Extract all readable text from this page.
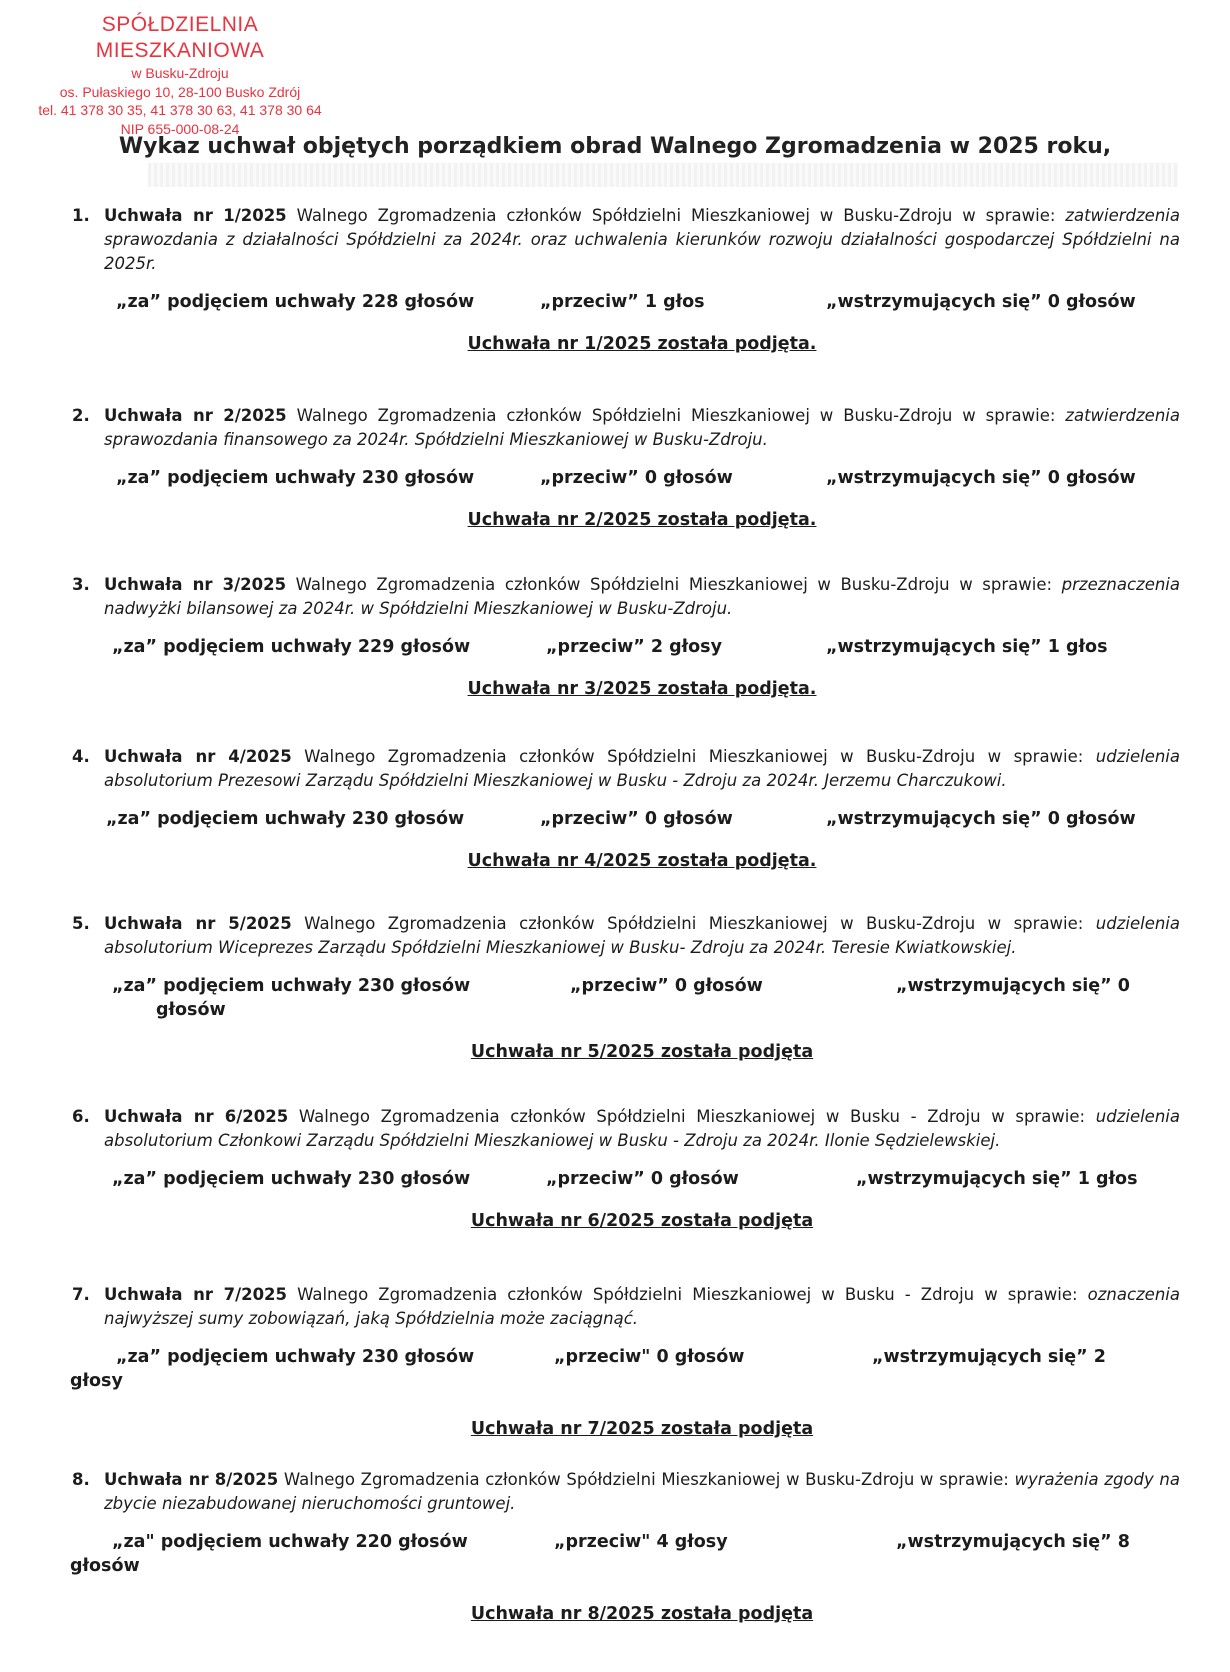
SPÓŁDZIELNIA MIESZKANIOWA
w Busku-Zdroju
os. Pułaskiego 10, 28-100 Busko Zdrój
tel. 41 378 30 35, 41 378 30 63, 41 378 30 64
NIP 655-000-08-24
Wykaz uchwał objętych porządkiem obrad Walnego Zgromadzenia w 2025 roku,
1. Uchwała nr 1/2025 Walnego Zgromadzenia członków Spółdzielni Mieszkaniowej w Busku-Zdroju w sprawie: zatwierdzenia sprawozdania z działalności Spółdzielni za 2024r. oraz uchwalenia kierunków rozwoju działalności gospodarczej Spółdzielni na 2025r.
„za” podjęciem uchwały 228 głosów	„przeciw” 1 głos	„wstrzymujących się” 0 głosów
Uchwała nr 1/2025 została podjęta.
2. Uchwała nr 2/2025 Walnego Zgromadzenia członków Spółdzielni Mieszkaniowej w Busku-Zdroju w sprawie: zatwierdzenia sprawozdania finansowego za 2024r. Spółdzielni Mieszkaniowej w Busku-Zdroju.
„za” podjęciem uchwały 230 głosów	„przeciw” 0 głosów	„wstrzymujących się” 0 głosów
Uchwała nr 2/2025 została podjęta.
3. Uchwała nr 3/2025 Walnego Zgromadzenia członków Spółdzielni Mieszkaniowej w Busku-Zdroju w sprawie: przeznaczenia nadwyżki bilansowej za 2024r. w Spółdzielni Mieszkaniowej w Busku-Zdroju.
„za” podjęciem uchwały 229 głosów	„przeciw” 2 głosy	„wstrzymujących się” 1 głos
Uchwała nr 3/2025 została podjęta.
4. Uchwała nr 4/2025 Walnego Zgromadzenia członków Spółdzielni Mieszkaniowej w Busku-Zdroju w sprawie: udzielenia absolutorium Prezesowi Zarządu Spółdzielni Mieszkaniowej w Busku - Zdroju za 2024r. Jerzemu Charczukowi.
„za” podjęciem uchwały 230 głosów	„przeciw” 0 głosów	„wstrzymujących się” 0 głosów
Uchwała nr 4/2025 została podjęta.
5. Uchwała nr 5/2025 Walnego Zgromadzenia członków Spółdzielni Mieszkaniowej w Busku-Zdroju w sprawie: udzielenia absolutorium Wiceprezes Zarządu Spółdzielni Mieszkaniowej w Busku- Zdroju za 2024r. Teresie Kwiatkowskiej.
„za” podjęciem uchwały 230 głosów	„przeciw” 0 głosów	„wstrzymujących się” 0
głosów
Uchwała nr 5/2025 została podjęta
6. Uchwała nr 6/2025 Walnego Zgromadzenia członków Spółdzielni Mieszkaniowej w Busku - Zdroju w sprawie: udzielenia absolutorium Członkowi Zarządu Spółdzielni Mieszkaniowej w Busku - Zdroju za 2024r. Ilonie Sędzielewskiej.
„za” podjęciem uchwały 230 głosów	„przeciw” 0 głosów	„wstrzymujących się” 1 głos
Uchwała nr 6/2025 została podjęta
7. Uchwała nr 7/2025 Walnego Zgromadzenia członków Spółdzielni Mieszkaniowej w Busku - Zdroju w sprawie: oznaczenia najwyższej sumy zobowiązań, jaką Spółdzielnia może zaciągnąć.
„za” podjęciem uchwały 230 głosów	„przeciw" 0 głosów	„wstrzymujących się” 2
głosy
Uchwała nr 7/2025 została podjęta
8. Uchwała nr 8/2025 Walnego Zgromadzenia członków Spółdzielni Mieszkaniowej w Busku-Zdroju w sprawie: wyrażenia zgody na zbycie niezabudowanej nieruchomości gruntowej.
„za" podjęciem uchwały 220 głosów	„przeciw" 4 głosy	„wstrzymujących się” 8
głosów
Uchwała nr 8/2025 została podjęta
